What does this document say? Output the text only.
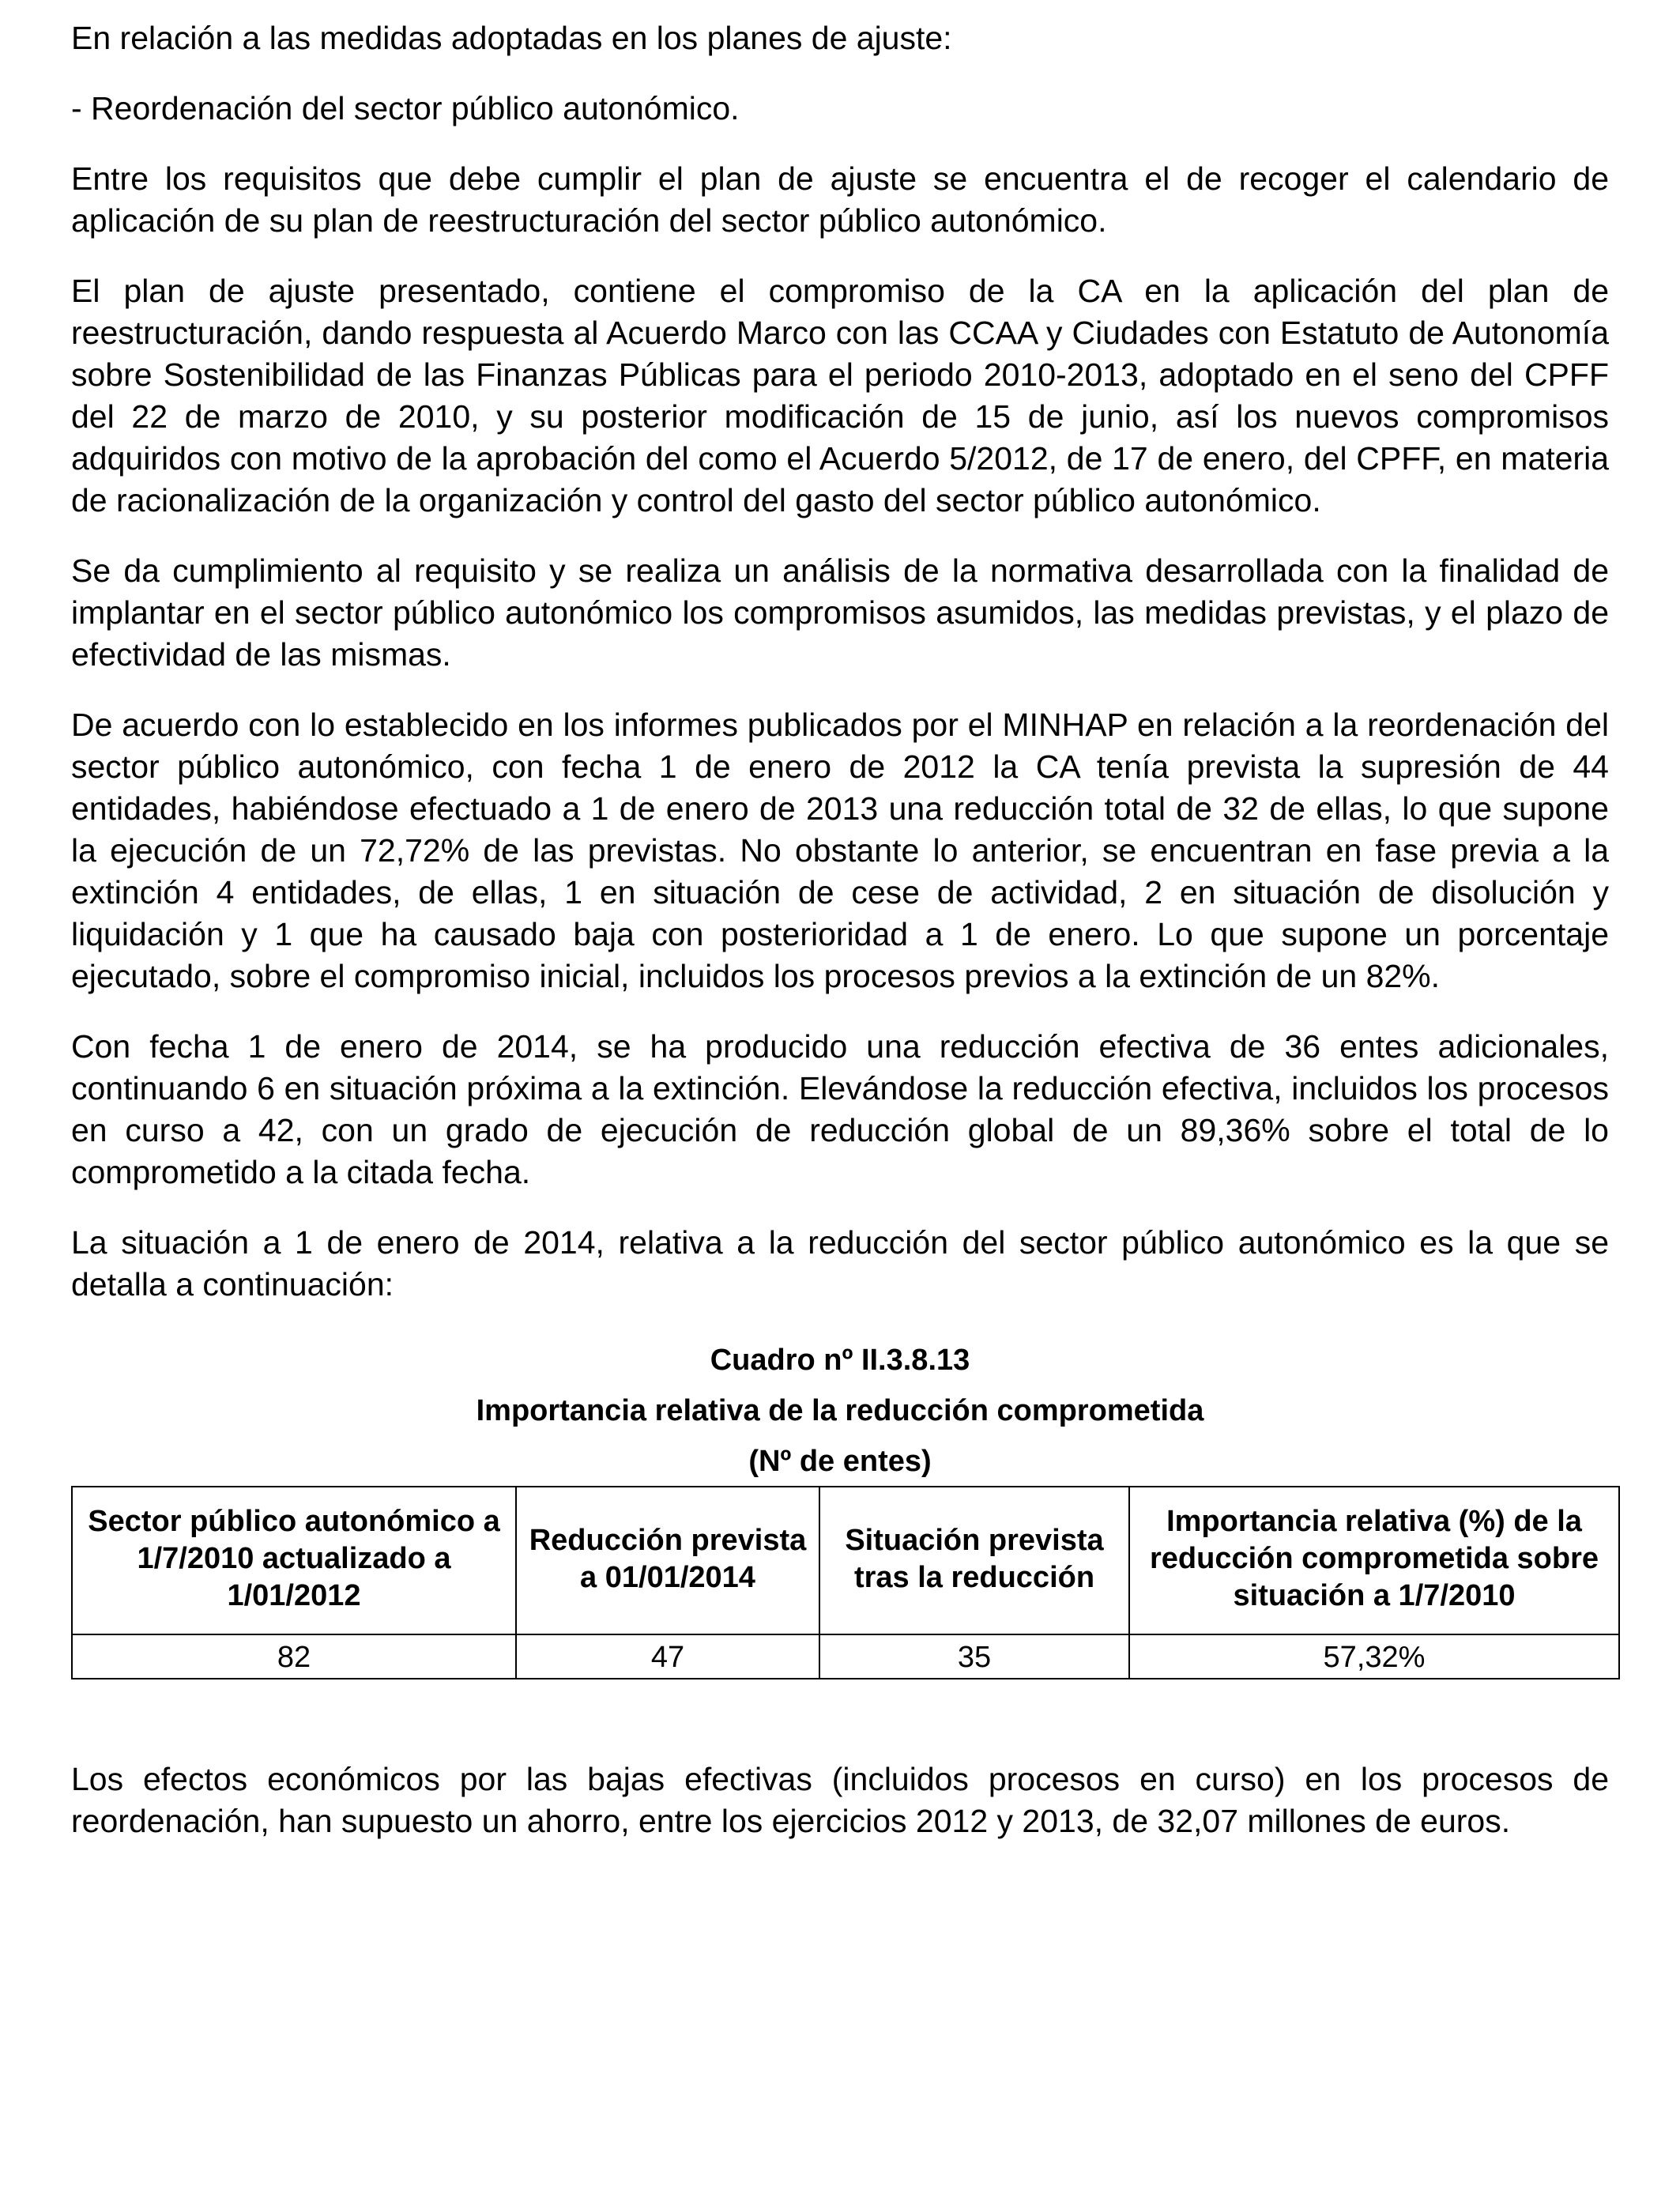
En relación a las medidas adoptadas en los planes de ajuste:

- Reordenación del sector público autonómico.

Entre los requisitos que debe cumplir el plan de ajuste se encuentra el de recoger el calendario de aplicación de su plan de reestructuración del sector público autonómico.

El plan de ajuste presentado, contiene el compromiso de la CA en la aplicación del plan de reestructuración, dando respuesta al Acuerdo Marco con las CCAA y Ciudades con Estatuto de Autonomía sobre Sostenibilidad de las Finanzas Públicas para el periodo 2010-2013, adoptado en el seno del CPFF del 22 de marzo de 2010, y su posterior modificación de 15 de junio, así los nuevos compromisos adquiridos con motivo de la aprobación del como el Acuerdo 5/2012, de 17 de enero, del CPFF, en materia de racionalización de la organización y control del gasto del sector público autonómico.

Se da cumplimiento al requisito y se realiza un análisis de la normativa desarrollada con la finalidad de implantar en el sector público autonómico los compromisos asumidos, las medidas previstas, y el plazo de efectividad de las mismas.

De acuerdo con lo establecido en los informes publicados por el MINHAP en relación a la reordenación del sector público autonómico, con fecha 1 de enero de 2012 la CA tenía prevista la supresión de 44 entidades, habiéndose efectuado a 1 de enero de 2013 una reducción total de 32 de ellas, lo que supone la ejecución de un 72,72% de las previstas. No obstante lo anterior, se encuentran en fase previa a la extinción 4 entidades, de ellas, 1 en situación de cese de actividad, 2 en situación de disolución y liquidación y 1 que ha causado baja con posterioridad a 1 de enero. Lo que supone un porcentaje ejecutado, sobre el compromiso inicial, incluidos los procesos previos a la extinción de un 82%.

Con fecha 1 de enero de 2014, se ha producido una reducción efectiva de 36 entes adicionales, continuando 6 en situación próxima a la extinción. Elevándose la reducción efectiva, incluidos los procesos en curso a 42, con un grado de ejecución de reducción global de un 89,36% sobre el total de lo comprometido a la citada fecha.

La situación a 1 de enero de 2014, relativa a la reducción del sector público autonómico es la que se detalla a continuación:

Cuadro nº II.3.8.13

Importancia relativa de la reducción comprometida

(Nº de entes)

Sector público autonómico a 1/7/2010 actualizado a 1/01/2012	Reducción prevista a 01/01/2014	Situación prevista tras la reducción	Importancia relativa (%) de la reducción comprometida sobre situación a 1/7/2010
82	47	35	57,32%

Los efectos económicos por las bajas efectivas (incluidos procesos en curso) en los procesos de reordenación, han supuesto un ahorro, entre los ejercicios 2012 y 2013, de 32,07 millones de euros.
